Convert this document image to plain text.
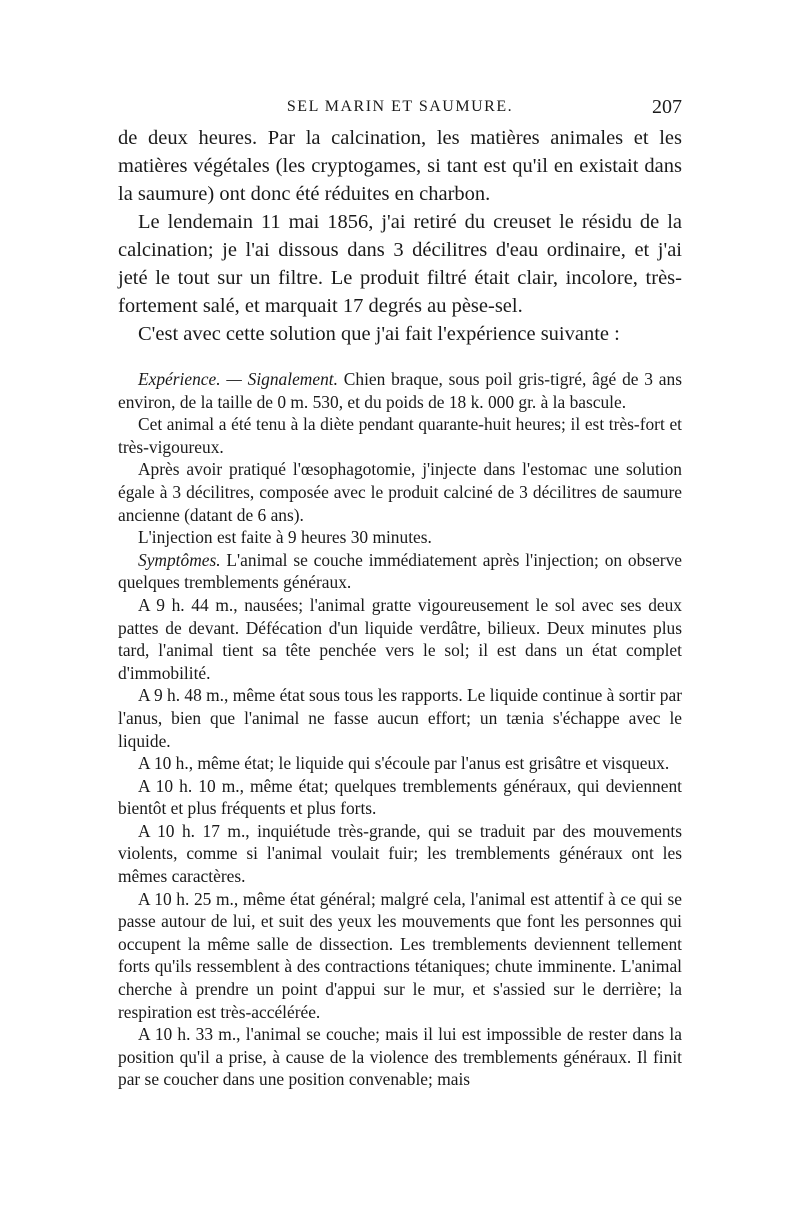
SEL MARIN ET SAUMURE.	207

de deux heures. Par la calcination, les matières animales et les matières végétales (les cryptogames, si tant est qu'il en existait dans la saumure) ont donc été réduites en charbon.

Le lendemain 11 mai 1856, j'ai retiré du creuset le résidu de la calcination; je l'ai dissous dans 3 décilitres d'eau ordinaire, et j'ai jeté le tout sur un filtre. Le produit filtré était clair, incolore, très-fortement salé, et marquait 17 degrés au pèse-sel.

C'est avec cette solution que j'ai fait l'expérience suivante :

Expérience. — Signalement. Chien braque, sous poil gris-tigré, âgé de 3 ans environ, de la taille de 0 m. 530, et du poids de 18 k. 000 gr. à la bascule.

Cet animal a été tenu à la diète pendant quarante-huit heures; il est très-fort et très-vigoureux.

Après avoir pratiqué l'œsophagotomie, j'injecte dans l'estomac une solution égale à 3 décilitres, composée avec le produit calciné de 3 décilitres de saumure ancienne (datant de 6 ans).

L'injection est faite à 9 heures 30 minutes.

Symptômes. L'animal se couche immédiatement après l'injection; on observe quelques tremblements généraux.

A 9 h. 44 m., nausées; l'animal gratte vigoureusement le sol avec ses deux pattes de devant. Défécation d'un liquide verdâtre, bilieux. Deux minutes plus tard, l'animal tient sa tête penchée vers le sol; il est dans un état complet d'immobilité.

A 9 h. 48 m., même état sous tous les rapports. Le liquide continue à sortir par l'anus, bien que l'animal ne fasse aucun effort; un tænia s'échappe avec le liquide.

A 10 h., même état; le liquide qui s'écoule par l'anus est grisâtre et visqueux.

A 10 h. 10 m., même état; quelques tremblements généraux, qui deviennent bientôt et plus fréquents et plus forts.

A 10 h. 17 m., inquiétude très-grande, qui se traduit par des mouvements violents, comme si l'animal voulait fuir; les tremblements généraux ont les mêmes caractères.

A 10 h. 25 m., même état général; malgré cela, l'animal est attentif à ce qui se passe autour de lui, et suit des yeux les mouvements que font les personnes qui occupent la même salle de dissection. Les tremblements deviennent tellement forts qu'ils ressemblent à des contractions tétaniques; chute imminente. L'animal cherche à prendre un point d'appui sur le mur, et s'assied sur le derrière; la respiration est très-accélérée.

A 10 h. 33 m., l'animal se couche; mais il lui est impossible de rester dans la position qu'il a prise, à cause de la violence des tremblements généraux. Il finit par se coucher dans une position convenable; mais
